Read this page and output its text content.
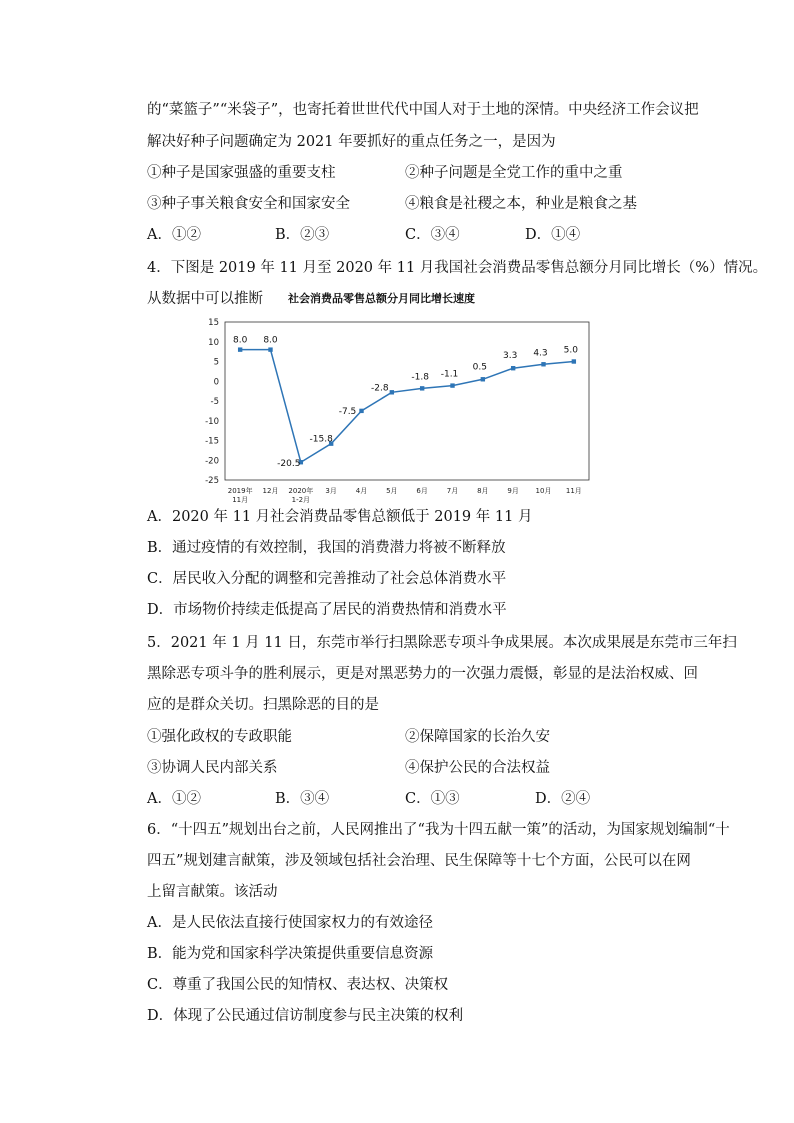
的“菜篮子”“米袋子”，也寄托着世世代代中国人对于土地的深情。中央经济工作会议把
解决好种子问题确定为 2021 年要抓好的重点任务之一，是因为
①种子是国家强盛的重要支柱	②种子问题是全党工作的重中之重
③种子事关粮食安全和国家安全	④粮食是社稷之本，种业是粮食之基
A．①②	B．②③	C．③④	D．①④
4．下图是 2019 年 11 月至 2020 年 11 月我国社会消费品零售总额分月同比增长（%）情况。
从数据中可以推断 社会消费品零售总额分月同比增长速度
15
10
5
0
-5
-10
-15
-20
-25
2019年
11月
12月 2020年
1-2月
3月	4月	5月	6月	7月	8月	9月 10月 11月
8.0 8.0
-20.5
-15.8
-7.5
-2.8
-1.8 -1.1
0.5
3.3 4.3 5.0
A．2020 年 11 月社会消费品零售总额低于 2019 年 11 月
B．通过疫情的有效控制，我国的消费潜力将被不断释放
C．居民收入分配的调整和完善推动了社会总体消费水平
D．市场物价持续走低提高了居民的消费热情和消费水平
5．2021 年 1 月 11 日，东莞市举行扫黑除恶专项斗争成果展。本次成果展是东莞市三年扫
黑除恶专项斗争的胜利展示，更是对黑恶势力的一次强力震慑，彰显的是法治权威、回
应的是群众关切。扫黑除恶的目的是
①强化政权的专政职能	②保障国家的长治久安
③协调人民内部关系	④保护公民的合法权益
A．①②	B．③④	C．①③	D．②④
6．“十四五”规划出台之前，人民网推出了“我为十四五献一策”的活动，为国家规划编制“十
四五”规划建言献策，涉及领域包括社会治理、民生保障等十七个方面，公民可以在网
上留言献策。该活动
A．是人民依法直接行使国家权力的有效途径
B．能为党和国家科学决策提供重要信息资源
C．尊重了我国公民的知情权、表达权、决策权
D．体现了公民通过信访制度参与民主决策的权利
